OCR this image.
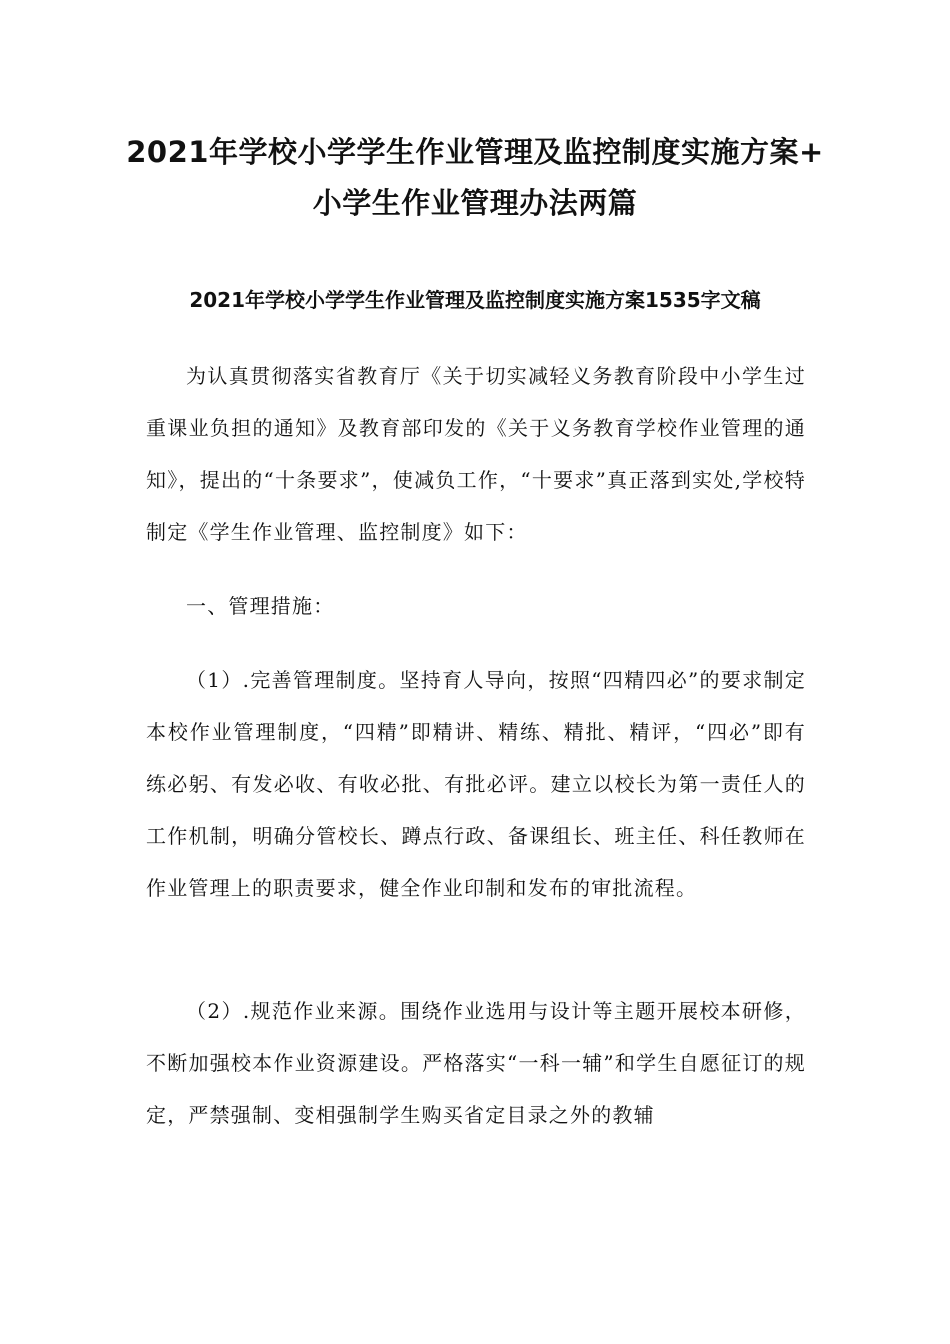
2021年学校小学学生作业管理及监控制度实施方案+
小学生作业管理办法两篇
2021年学校小学学生作业管理及监控制度实施方案1535字文稿

为认真贯彻落实省教育厅《关于切实减轻义务教育阶段中小学生过重课业负担的通知》及教育部印发的《关于义务教育学校作业管理的通知》，提出的“十条要求”，使减负工作，“十要求”真正落到实处,学校特制定《学生作业管理、监控制度》如下：

一、管理措施：

（1）.完善管理制度。坚持育人导向，按照“四精四必”的要求制定本校作业管理制度，“四精”即精讲、精练、精批、精评，“四必”即有练必躬、有发必收、有收必批、有批必评。建立以校长为第一责任人的工作机制，明确分管校长、蹲点行政、备课组长、班主任、科任教师在作业管理上的职责要求，健全作业印制和发布的审批流程。

（2）.规范作业来源。围绕作业选用与设计等主题开展校本研修，不断加强校本作业资源建设。严格落实“一科一辅”和学生自愿征订的规定，严禁强制、变相强制学生购买省定目录之外的教辅
